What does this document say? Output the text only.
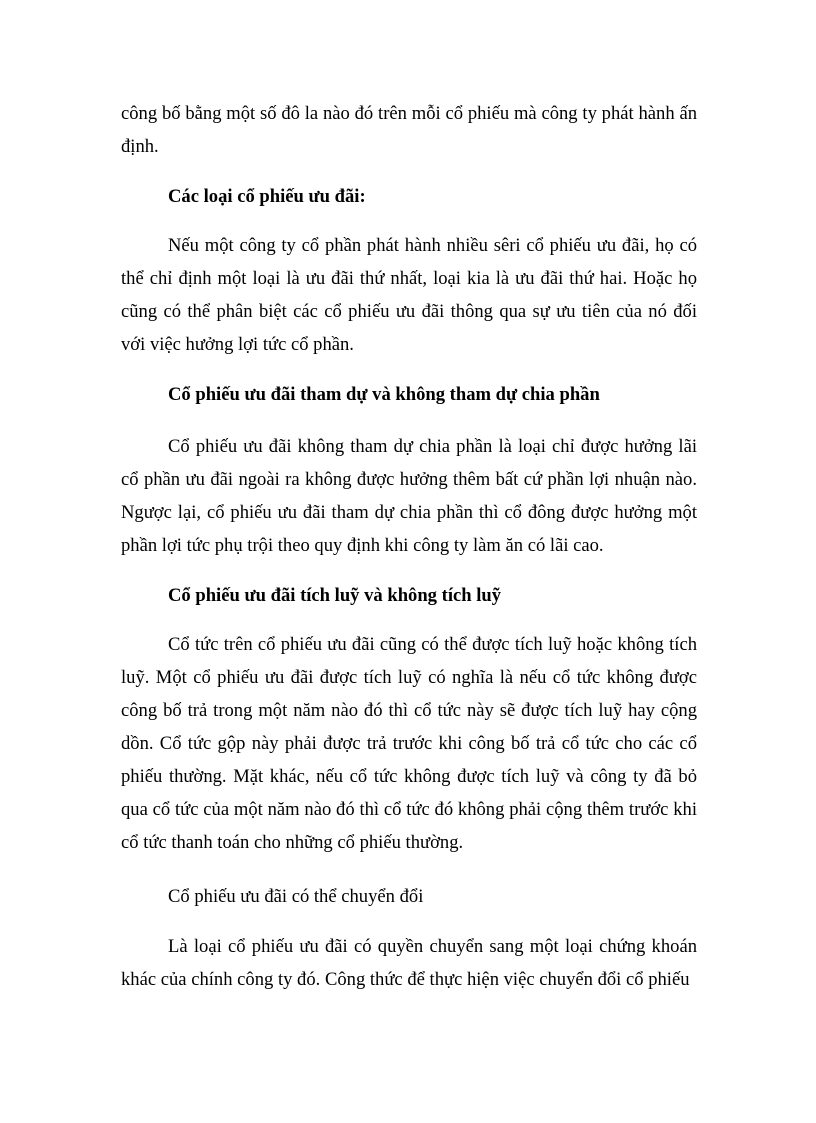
công bố bằng một số đô la nào đó trên mỗi cổ phiếu mà công ty phát hành ấn định.

Các loại cổ phiếu ưu đãi:

Nếu một công ty cổ phần phát hành nhiều sêri cổ phiếu ưu đãi, họ có thể chỉ định một loại là ưu đãi thứ nhất, loại kia là ưu đãi thứ hai. Hoặc họ cũng có thể phân biệt các cổ phiếu ưu đãi thông qua sự ưu tiên của nó đối với việc hưởng lợi tức cổ phần.

Cổ phiếu ưu đãi tham dự và không tham dự chia phần

Cổ phiếu ưu đãi không tham dự chia phần là loại chỉ được hưởng lãi cổ phần ưu đãi ngoài ra không được hưởng thêm bất cứ phần lợi nhuận nào. Ngược lại, cổ phiếu ưu đãi tham dự chia phần thì cổ đông được hưởng một phần lợi tức phụ trội theo quy định khi công ty làm ăn có lãi cao.

Cổ phiếu ưu đãi tích luỹ và không tích luỹ

Cổ tức trên cổ phiếu ưu đãi cũng có thể được tích luỹ hoặc không tích luỹ. Một cổ phiếu ưu đãi được tích luỹ có nghĩa là nếu cổ tức không được công bố trả trong một năm nào đó thì cổ tức này sẽ được tích luỹ hay cộng dồn. Cổ tức gộp này phải được trả trước khi công bố trả cổ tức cho các cổ phiếu thường. Mặt khác, nếu cổ tức không được tích luỹ và công ty đã bỏ qua cổ tức của một năm nào đó thì cổ tức đó không phải cộng thêm trước khi cổ tức thanh toán cho những cổ phiếu thường.

Cổ phiếu ưu đãi có thể chuyển đổi

Là loại cổ phiếu ưu đãi có quyền chuyển sang một loại chứng khoán khác của chính công ty đó. Công thức để thực hiện việc chuyển đổi cổ phiếu
